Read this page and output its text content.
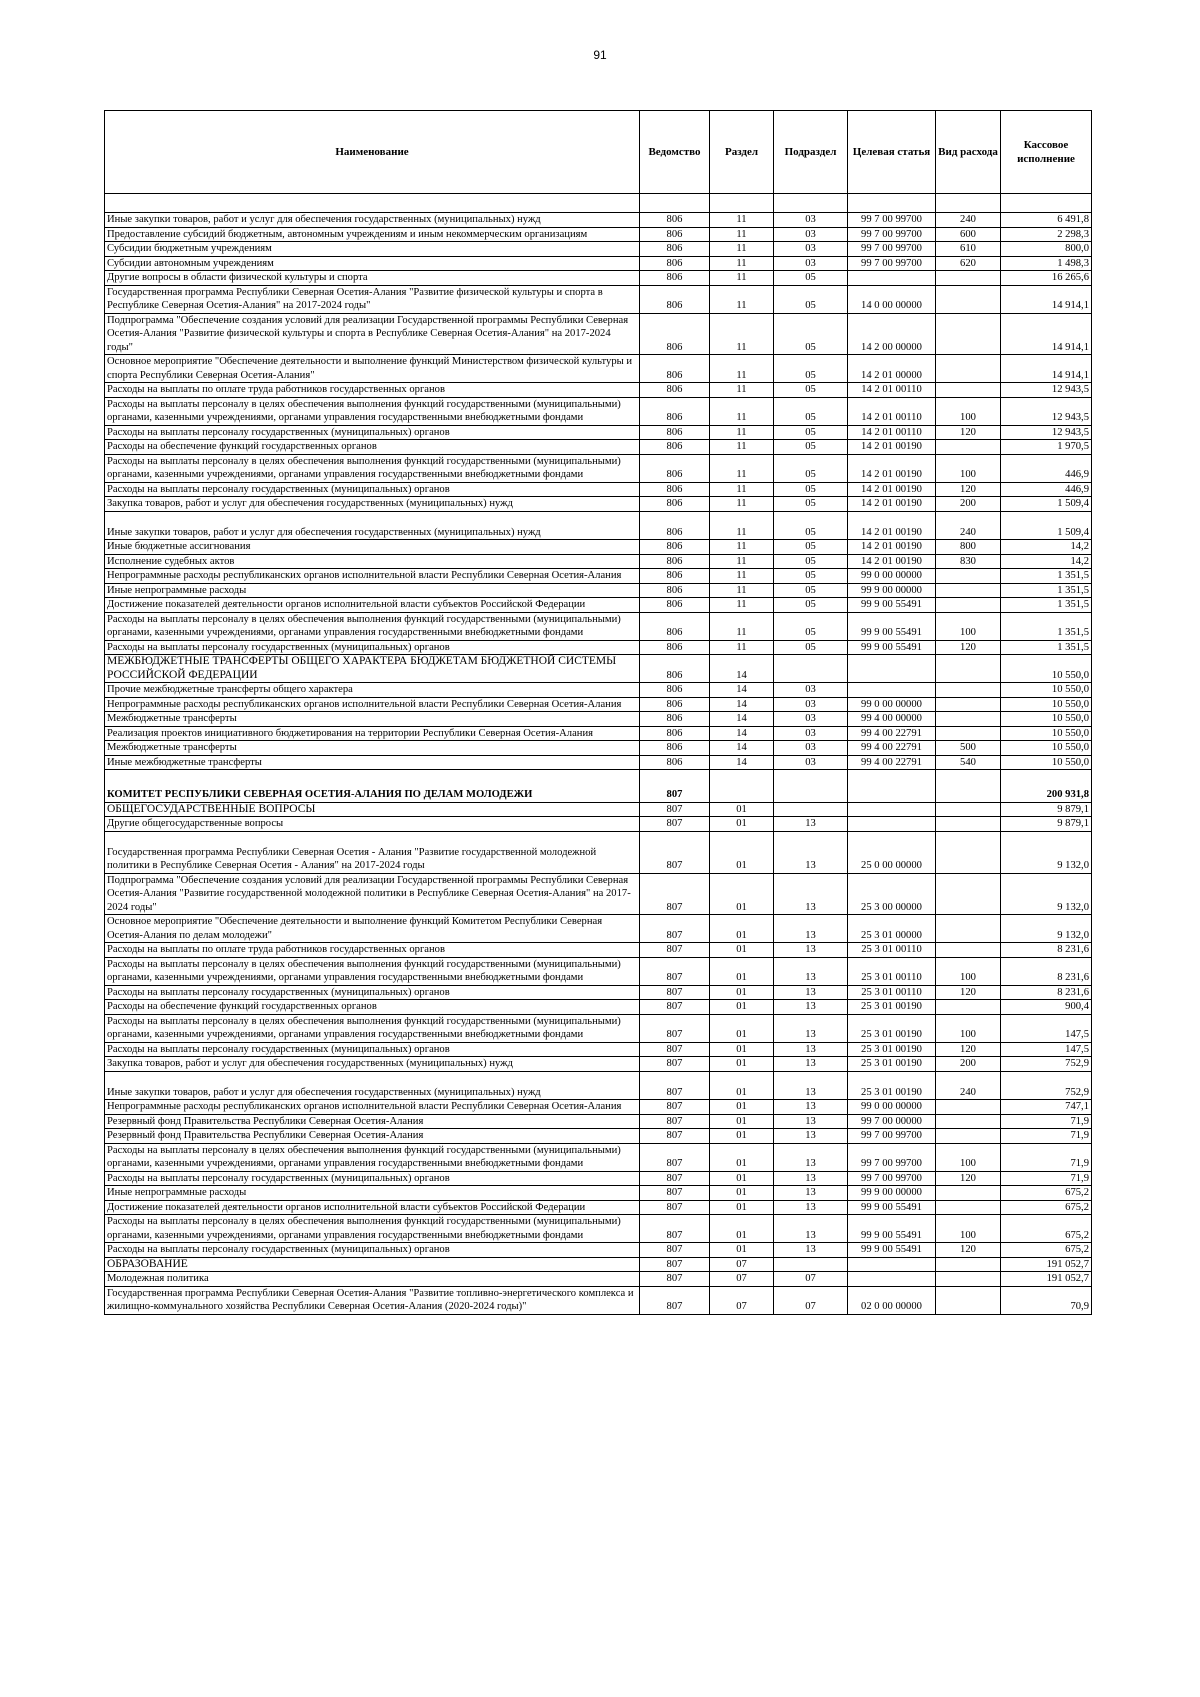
91
Наименование	Ведомство	Раздел	Подраздел	Целевая статья	Вид расхода	Кассовое исполнение

Иные закупки товаров, работ и услуг для обеспечения государственных (муниципальных) нужд	806	11	03	99 7 00 99700	240	6 491,8
Предоставление субсидий бюджетным, автономным учреждениям и иным некоммерческим организациям	806	11	03	99 7 00 99700	600	2 298,3
Субсидии бюджетным учреждениям	806	11	03	99 7 00 99700	610	800,0
Субсидии автономным учреждениям	806	11	03	99 7 00 99700	620	1 498,3
Другие вопросы в области физической культуры и спорта	806	11	05			16 265,6
Государственная программа Республики Северная Осетия-Алания "Развитие физической культуры и спорта в Республике Северная Осетия-Алания" на 2017-2024 годы"	806	11	05	14 0 00 00000		14 914,1
Подпрограмма "Обеспечение создания условий для реализации Государственной программы Республики Северная Осетия-Алания "Развитие физической культуры и спорта в Республике Северная Осетия-Алания" на 2017-2024 годы"	806	11	05	14 2 00 00000		14 914,1
Основное мероприятие "Обеспечение деятельности и выполнение функций Министерством физической культуры и спорта Республики Северная Осетия-Алания"	806	11	05	14 2 01 00000		14 914,1
Расходы на выплаты по оплате труда работников государственных органов	806	11	05	14 2 01 00110		12 943,5
Расходы на выплаты персоналу в целях обеспечения выполнения функций государственными (муниципальными) органами, казенными учреждениями, органами управления государственными внебюджетными фондами	806	11	05	14 2 01 00110	100	12 943,5
Расходы на выплаты персоналу государственных (муниципальных) органов	806	11	05	14 2 01 00110	120	12 943,5
Расходы на обеспечение функций государственных органов	806	11	05	14 2 01 00190		1 970,5
Расходы на выплаты персоналу в целях обеспечения выполнения функций государственными (муниципальными) органами, казенными учреждениями, органами управления государственными внебюджетными фондами	806	11	05	14 2 01 00190	100	446,9
Расходы на выплаты персоналу государственных (муниципальных) органов	806	11	05	14 2 01 00190	120	446,9
Закупка товаров, работ и услуг для обеспечения государственных (муниципальных) нужд	806	11	05	14 2 01 00190	200	1 509,4
Иные закупки товаров, работ и услуг для обеспечения государственных (муниципальных) нужд	806	11	05	14 2 01 00190	240	1 509,4
Иные бюджетные ассигнования	806	11	05	14 2 01 00190	800	14,2
Исполнение судебных актов	806	11	05	14 2 01 00190	830	14,2
Непрограммные расходы республиканских органов исполнительной власти Республики Северная Осетия-Алания	806	11	05	99 0 00 00000		1 351,5
Иные непрограммные расходы	806	11	05	99 9 00 00000		1 351,5
Достижение показателей деятельности органов исполнительной власти субъектов Российской Федерации	806	11	05	99 9 00 55491		1 351,5
Расходы на выплаты персоналу в целях обеспечения выполнения функций государственными (муниципальными) органами, казенными учреждениями, органами управления государственными внебюджетными фондами	806	11	05	99 9 00 55491	100	1 351,5
Расходы на выплаты персоналу государственных (муниципальных) органов	806	11	05	99 9 00 55491	120	1 351,5
МЕЖБЮДЖЕТНЫЕ ТРАНСФЕРТЫ ОБЩЕГО ХАРАКТЕРА БЮДЖЕТАМ БЮДЖЕТНОЙ СИСТЕМЫ РОССИЙСКОЙ ФЕДЕРАЦИИ	806	14				10 550,0
Прочие межбюджетные трансферты общего характера	806	14	03			10 550,0
Непрограммные расходы республиканских органов исполнительной власти Республики Северная Осетия-Алания	806	14	03	99 0 00 00000		10 550,0
Межбюджетные трансферты	806	14	03	99 4 00 00000		10 550,0
Реализация проектов инициативного бюджетирования на территории Республики Северная Осетия-Алания	806	14	03	99 4 00 22791		10 550,0
Межбюджетные трансферты	806	14	03	99 4 00 22791	500	10 550,0
Иные межбюджетные трансферты	806	14	03	99 4 00 22791	540	10 550,0

КОМИТЕТ РЕСПУБЛИКИ СЕВЕРНАЯ ОСЕТИЯ-АЛАНИЯ ПО ДЕЛАМ МОЛОДЕЖИ	807					200 931,8
ОБЩЕГОСУДАРСТВЕННЫЕ ВОПРОСЫ	807	01				9 879,1
Другие общегосударственные вопросы	807	01	13			9 879,1
Государственная программа Республики Северная Осетия - Алания "Развитие государственной молодежной политики в Республике Северная Осетия - Алания" на 2017-2024 годы	807	01	13	25 0 00 00000		9 132,0
Подпрограмма "Обеспечение создания условий для реализации Государственной программы Республики Северная Осетия-Алания "Развитие государственной молодежной политики в Республике Северная Осетия-Алания" на 2017-2024 годы"	807	01	13	25 3 00 00000		9 132,0
Основное мероприятие "Обеспечение деятельности и выполнение функций Комитетом Республики Северная Осетия-Алания по делам молодежи"	807	01	13	25 3 01 00000		9 132,0
Расходы на выплаты по оплате труда работников государственных органов	807	01	13	25 3 01 00110		8 231,6
Расходы на выплаты персоналу в целях обеспечения выполнения функций государственными (муниципальными) органами, казенными учреждениями, органами управления государственными внебюджетными фондами	807	01	13	25 3 01 00110	100	8 231,6
Расходы на выплаты персоналу государственных (муниципальных) органов	807	01	13	25 3 01 00110	120	8 231,6
Расходы на обеспечение функций государственных органов	807	01	13	25 3 01 00190		900,4
Расходы на выплаты персоналу в целях обеспечения выполнения функций государственными (муниципальными) органами, казенными учреждениями, органами управления государственными внебюджетными фондами	807	01	13	25 3 01 00190	100	147,5
Расходы на выплаты персоналу государственных (муниципальных) органов	807	01	13	25 3 01 00190	120	147,5
Закупка товаров, работ и услуг для обеспечения государственных (муниципальных) нужд	807	01	13	25 3 01 00190	200	752,9
Иные закупки товаров, работ и услуг для обеспечения государственных (муниципальных) нужд	807	01	13	25 3 01 00190	240	752,9
Непрограммные расходы республиканских органов исполнительной власти Республики Северная Осетия-Алания	807	01	13	99 0 00 00000		747,1
Резервный фонд Правительства Республики Северная Осетия-Алания	807	01	13	99 7 00 00000		71,9
Резервный фонд Правительства Республики Северная Осетия-Алания	807	01	13	99 7 00 99700		71,9
Расходы на выплаты персоналу в целях обеспечения выполнения функций государственными (муниципальными) органами, казенными учреждениями, органами управления государственными внебюджетными фондами	807	01	13	99 7 00 99700	100	71,9
Расходы на выплаты персоналу государственных (муниципальных) органов	807	01	13	99 7 00 99700	120	71,9
Иные непрограммные расходы	807	01	13	99 9 00 00000		675,2
Достижение показателей деятельности органов исполнительной власти субъектов Российской Федерации	807	01	13	99 9 00 55491		675,2
Расходы на выплаты персоналу в целях обеспечения выполнения функций государственными (муниципальными) органами, казенными учреждениями, органами управления государственными внебюджетными фондами	807	01	13	99 9 00 55491	100	675,2
Расходы на выплаты персоналу государственных (муниципальных) органов	807	01	13	99 9 00 55491	120	675,2
ОБРАЗОВАНИЕ	807	07				191 052,7
Молодежная политика	807	07	07			191 052,7
Государственная программа Республики Северная Осетия-Алания "Развитие топливно-энергетического комплекса и жилищно-коммунального хозяйства Республики Северная Осетия-Алания (2020-2024 годы)"	807	07	07	02 0 00 00000		70,9
